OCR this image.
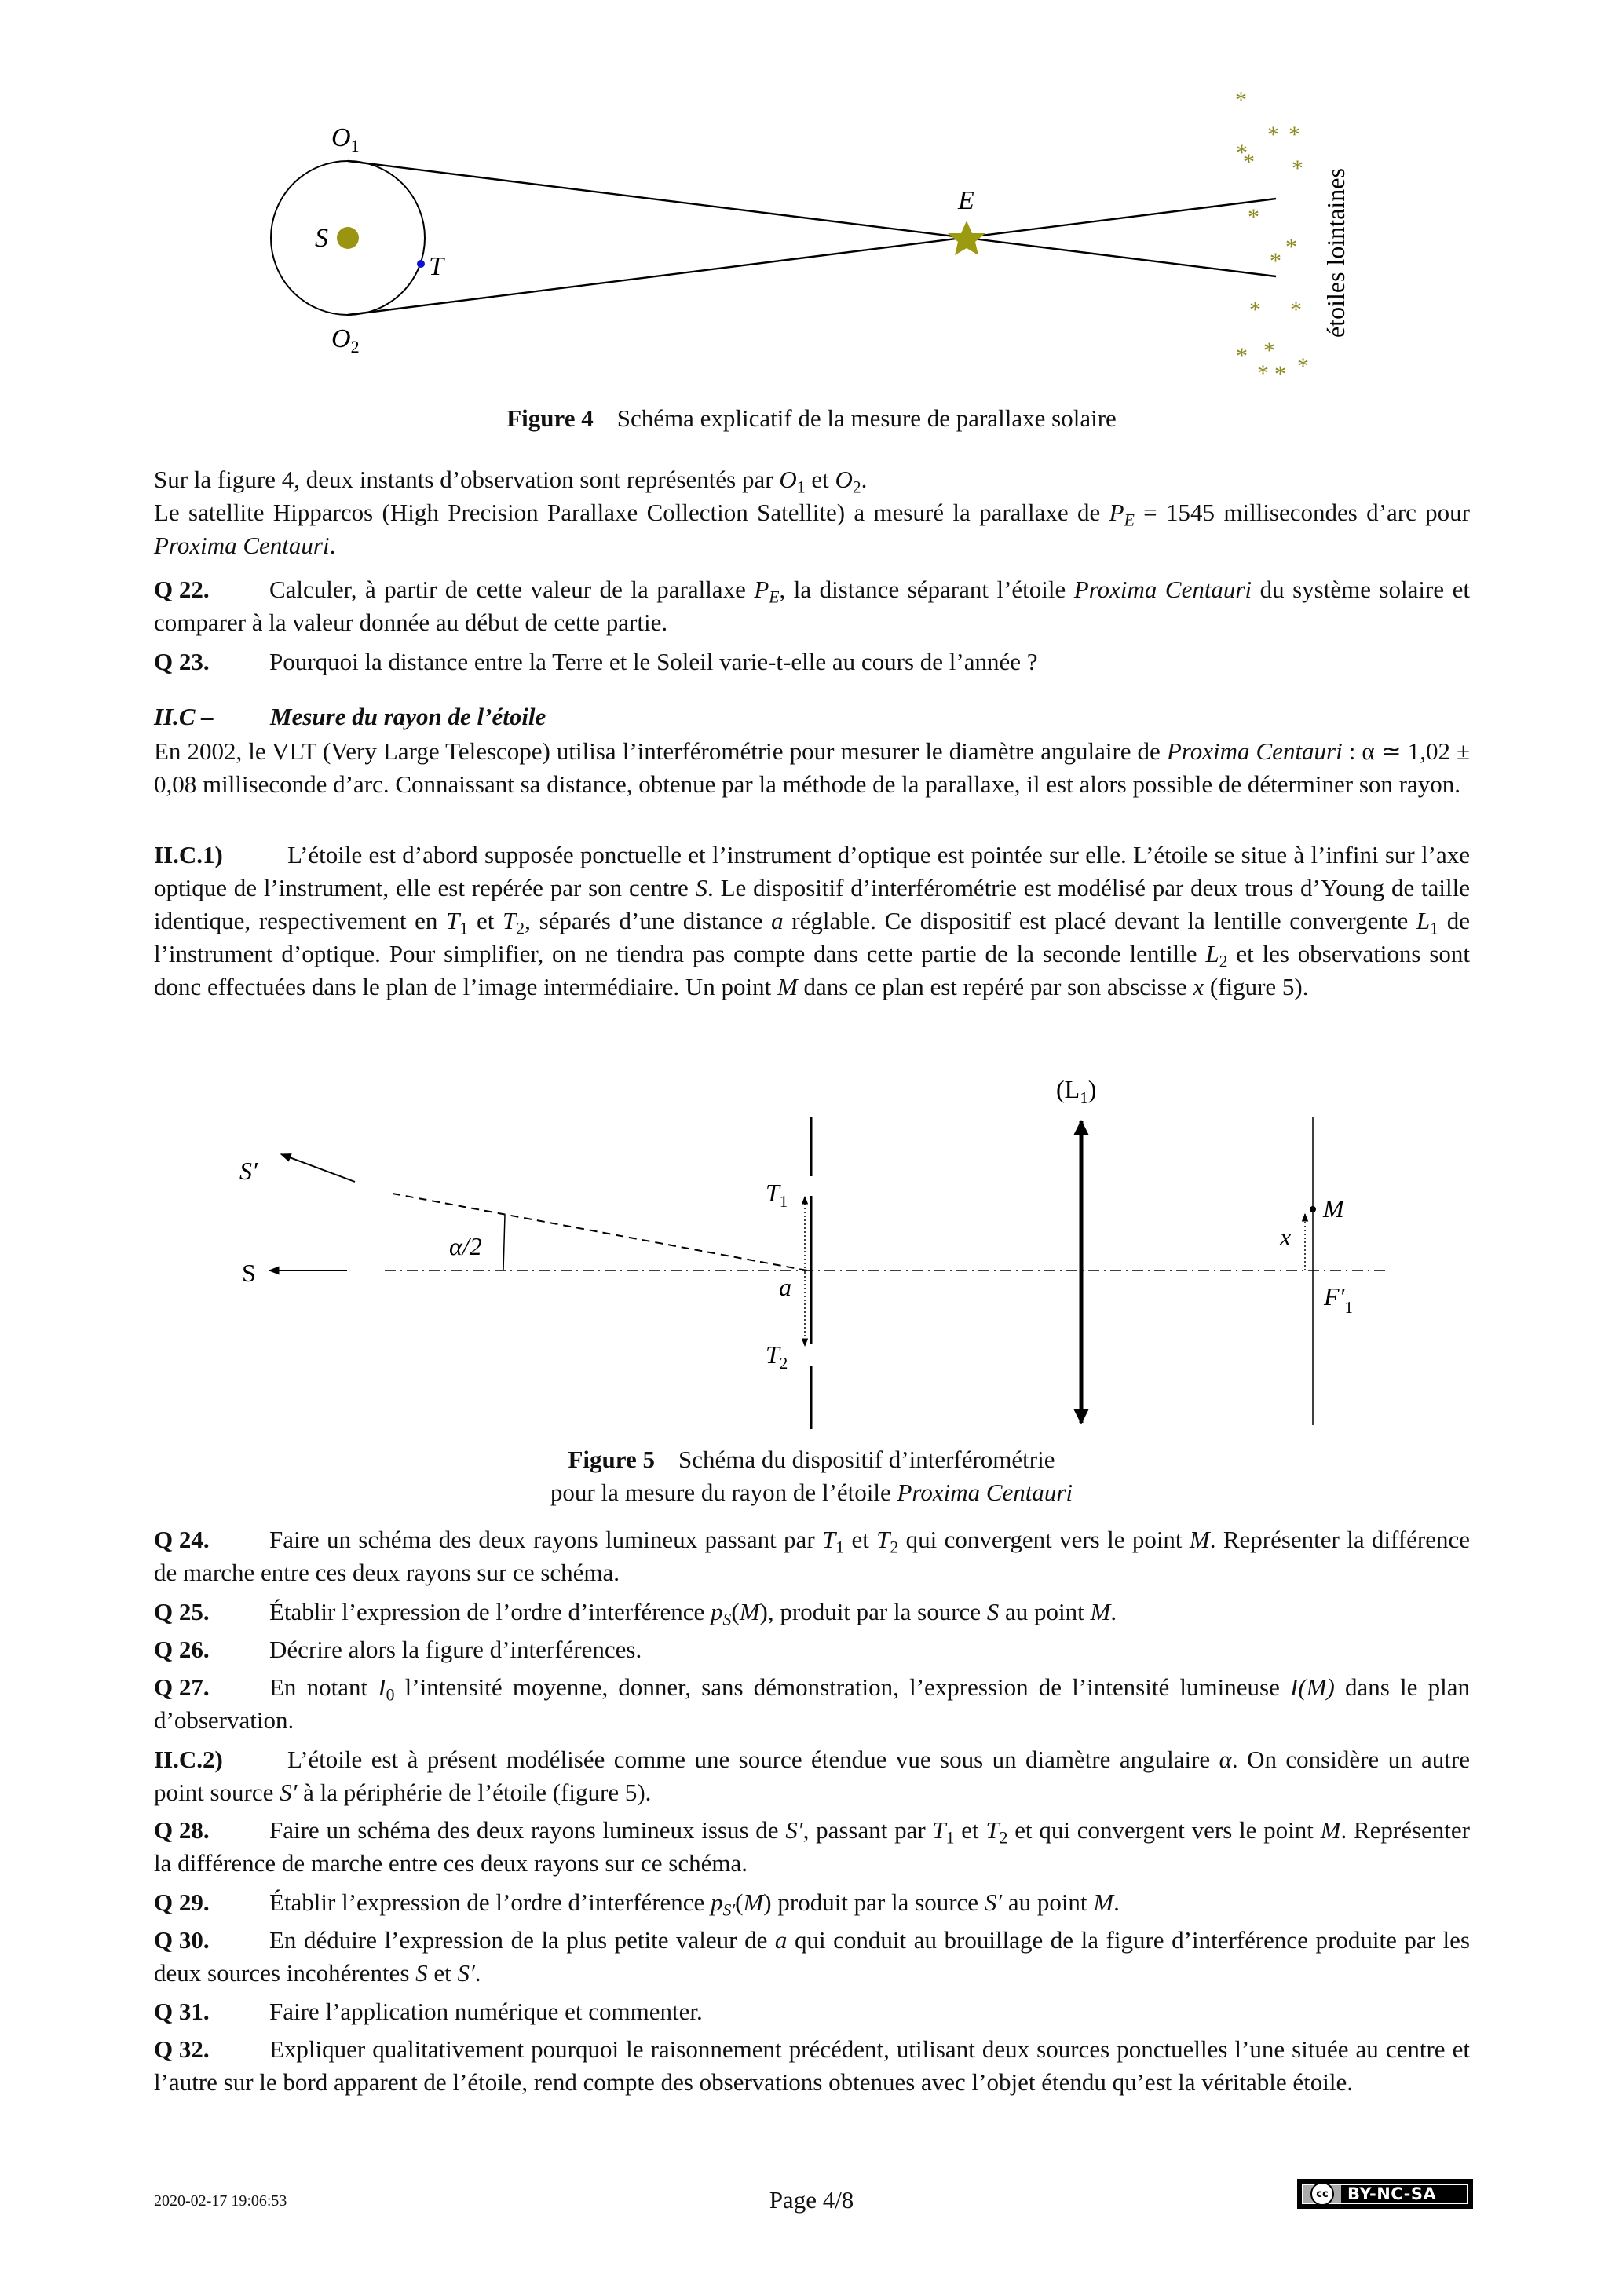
$O_1$
$O_2$
S
T
E	étoiles lointaines
*
* *
*
* *
*
*
*
* *
* *
* * *
Figure 4 Schéma explicatif de la mesure de parallaxe solaire
Sur la figure 4, deux instants d’observation sont représentés par $O_1$ et $O_2$.
Le satellite Hipparcos (High Precision Parallaxe Collection Satellite) a mesuré la parallaxe de $P_E = 1545$ millisecondes d’arc pour Proxima Centauri.
Q 22. Calculer, à partir de cette valeur de la parallaxe $P_E$, la distance séparant l’étoile Proxima Centauri du système solaire et comparer à la valeur donnée au début de cette partie.
Q 23. Pourquoi la distance entre la Terre et le Soleil varie-t-elle au cours de l’année ?
II.C – Mesure du rayon de l’étoile
En 2002, le VLT (Very Large Telescope) utilisa l’interférométrie pour mesurer le diamètre angulaire de Proxima Centauri : α ≃ 1,02 ± 0,08 milliseconde d’arc. Connaissant sa distance, obtenue par la méthode de la parallaxe, il est alors possible de déterminer son rayon.
II.C.1)	L’étoile est d’abord supposée ponctuelle et l’instrument d’optique est pointée sur elle. L’étoile se situe à l’infini sur l’axe optique de l’instrument, elle est repérée par son centre S. Le dispositif d’interférométrie est modélisé par deux trous d’Young de taille identique, respectivement en $T_1$ et $T_2$, séparés d’une distance a réglable. Ce dispositif est placé devant la lentille convergente $L_1$ de l’instrument d’optique. Pour simplifier, on ne tiendra pas compte dans cette partie de la seconde lentille $L_2$ et les observations sont donc effectuées dans le plan de l’image intermédiaire. Un point M dans ce plan est repéré par son abscisse x (figure 5).
S′
S
α/2
$T_1$
a
$T_2$
$(L_1)$
M
x
$F'_1$
Figure 5 Schéma du dispositif d’interférométrie
pour la mesure du rayon de l’étoile Proxima Centauri
Q 24. Faire un schéma des deux rayons lumineux passant par $T_1$ et $T_2$ qui convergent vers le point M. Représenter la différence de marche entre ces deux rayons sur ce schéma.
Q 25. Établir l’expression de l’ordre d’interférence $p_S(M)$, produit par la source S au point M.
Q 26. Décrire alors la figure d’interférences.
Q 27. En notant $I_0$ l’intensité moyenne, donner, sans démonstration, l’expression de l’intensité lumineuse I(M) dans le plan d’observation.
II.C.2)	L’étoile est à présent modélisée comme une source étendue vue sous un diamètre angulaire α. On considère un autre point source S′ à la périphérie de l’étoile (figure 5).
Q 28. Faire un schéma des deux rayons lumineux issus de S′, passant par $T_1$ et $T_2$ et qui convergent vers le point M. Représenter la différence de marche entre ces deux rayons sur ce schéma.
Q 29. Établir l’expression de l’ordre d’interférence $p_{S'}(M)$ produit par la source S′ au point M.
Q 30. En déduire l’expression de la plus petite valeur de a qui conduit au brouillage de la figure d’interférence produite par les deux sources incohérentes S et S′.
Q 31. Faire l’application numérique et commenter.
Q 32. Expliquer qualitativement pourquoi le raisonnement précédent, utilisant deux sources ponctuelles l’une située au centre et l’autre sur le bord apparent de l’étoile, rend compte des observations obtenues avec l’objet étendu qu’est la véritable étoile.
2020-02-17 19:06:53	Page 4/8	cc	BY-NC-SA
